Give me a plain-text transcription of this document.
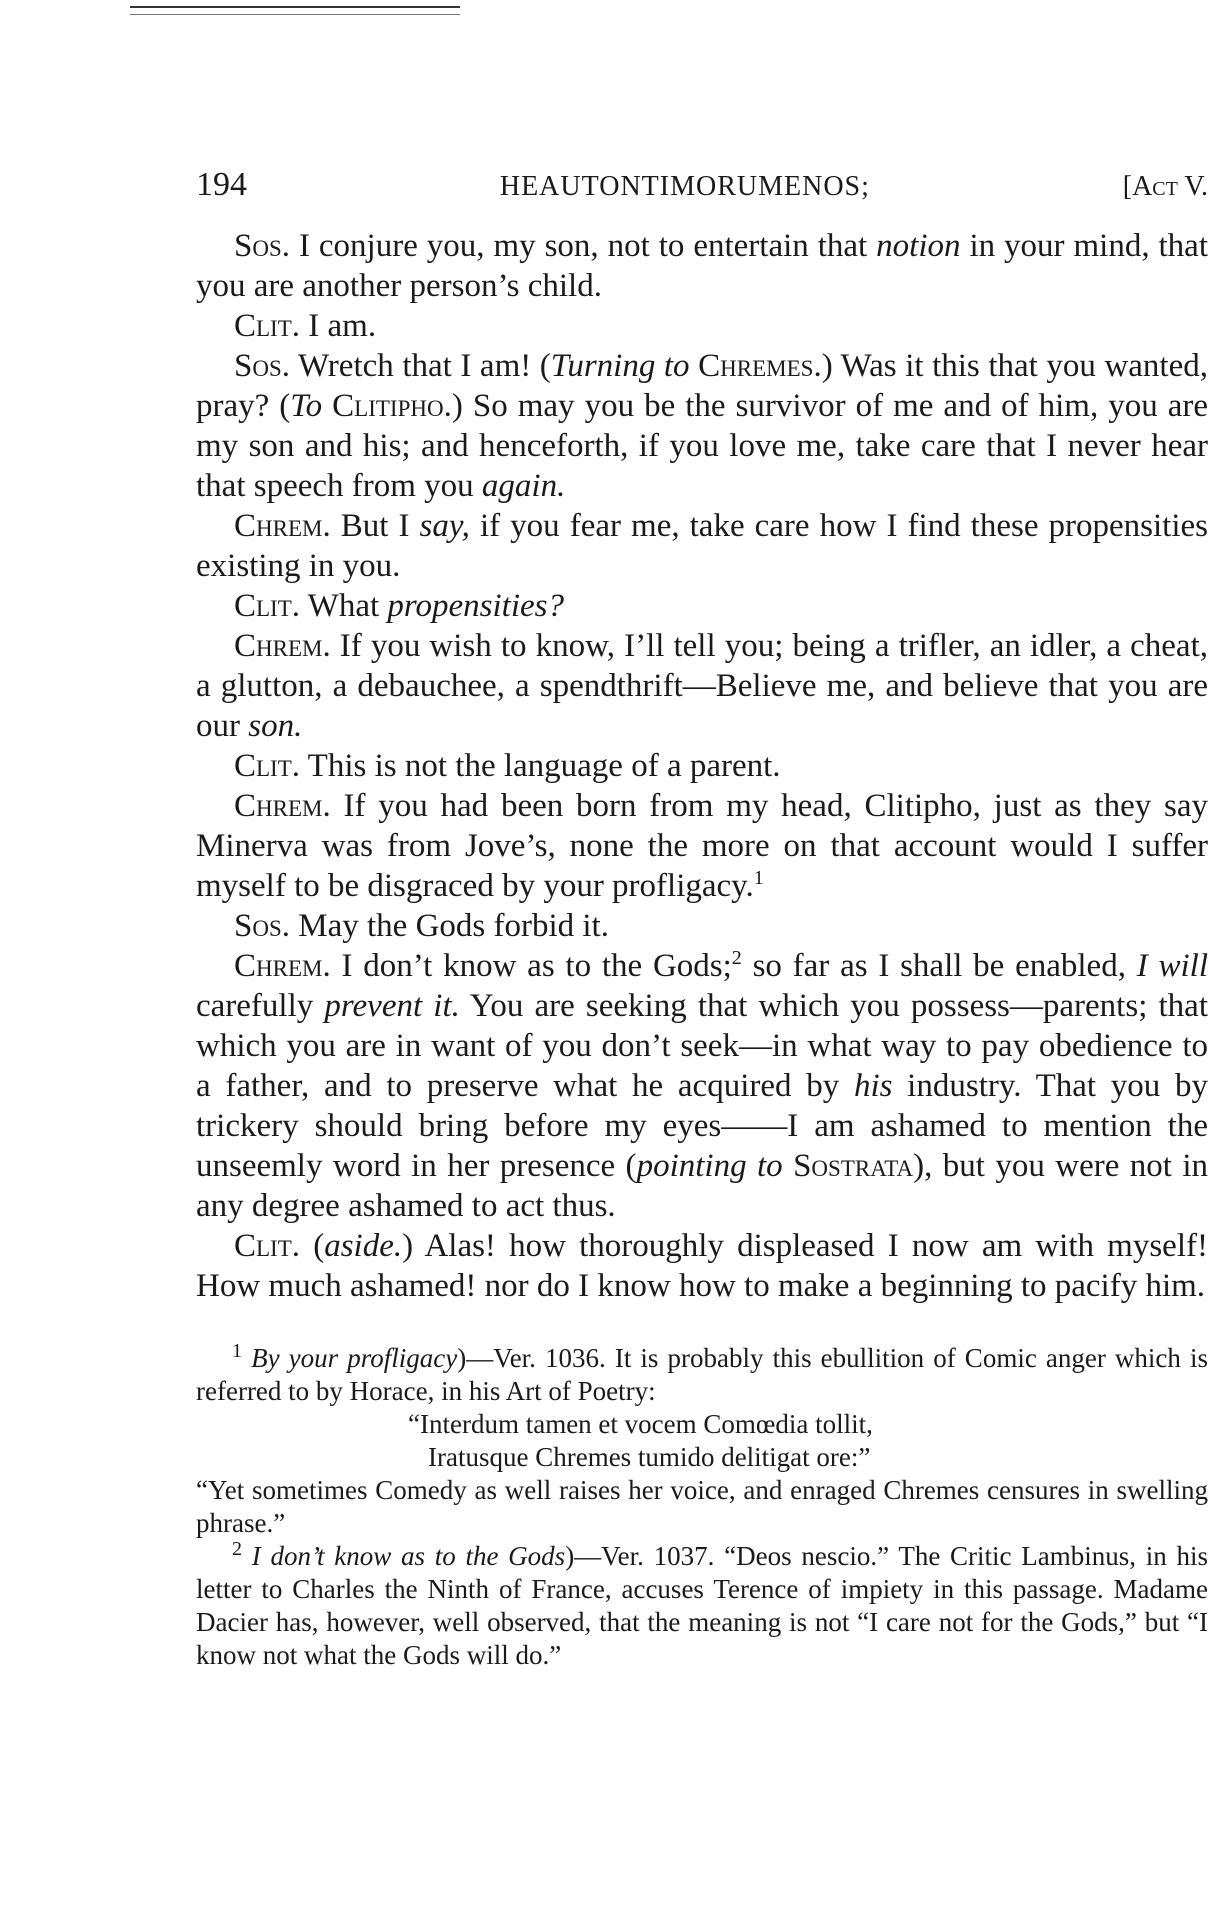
194	HEAUTONTIMORUMENOS;	[Act V.

Sos. I conjure you, my son, not to entertain that notion in your mind, that you are another person’s child.

Clit. I am.

Sos. Wretch that I am! (Turning to Chremes.) Was it this that you wanted, pray? (To Clitipho.) So may you be the survivor of me and of him, you are my son and his; and henceforth, if you love me, take care that I never hear that speech from you again.

Chrem. But I say, if you fear me, take care how I find these propensities existing in you.

Clit. What propensities?

Chrem. If you wish to know, I’ll tell you; being a trifler, an idler, a cheat, a glutton, a debauchee, a spendthrift—Believe me, and believe that you are our son.

Clit. This is not the language of a parent.

Chrem. If you had been born from my head, Clitipho, just as they say Minerva was from Jove’s, none the more on that account would I suffer myself to be disgraced by your profligacy.$^1$

Sos. May the Gods forbid it.

Chrem. I don’t know as to the Gods;$^2$ so far as I shall be enabled, I will carefully prevent it. You are seeking that which you possess—parents; that which you are in want of you don’t seek—in what way to pay obedience to a father, and to preserve what he acquired by his industry. That you by trickery should bring before my eyes——I am ashamed to mention the unseemly word in her presence (pointing to Sostrata), but you were not in any degree ashamed to act thus.

Clit. (aside.) Alas! how thoroughly displeased I now am with myself! How much ashamed! nor do I know how to make a beginning to pacify him.

$^1$ By your profligacy)—Ver. 1036. It is probably this ebullition of Comic anger which is referred to by Horace, in his Art of Poetry:

“Interdum tamen et vocem Comœdia tollit,

Iratusque Chremes tumido delitigat ore:”

“Yet sometimes Comedy as well raises her voice, and enraged Chremes censures in swelling phrase.”

$^2$ I don’t know as to the Gods)—Ver. 1037. “Deos nescio.” The Critic Lambinus, in his letter to Charles the Ninth of France, accuses Terence of impiety in this passage. Madame Dacier has, however, well observed, that the meaning is not “I care not for the Gods,” but “I know not what the Gods will do.”
